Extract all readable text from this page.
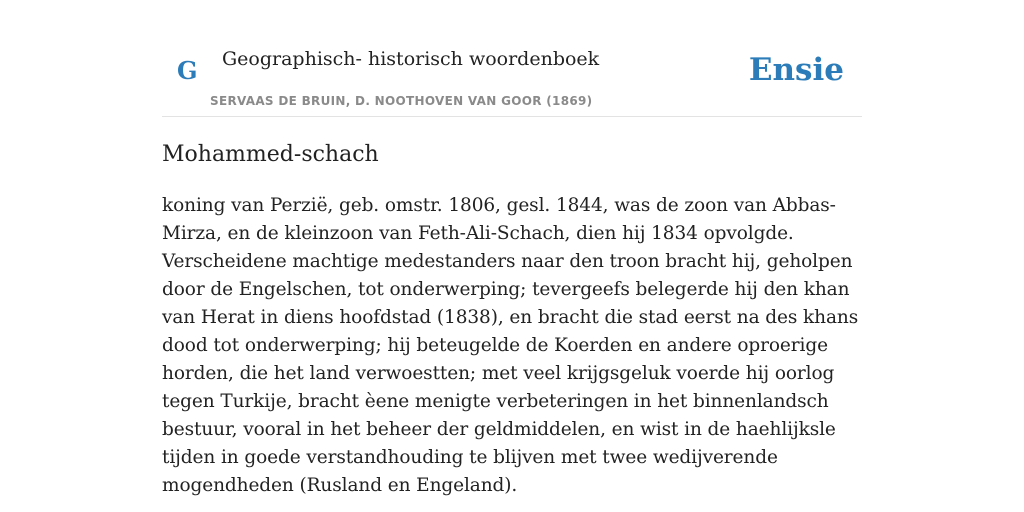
G Geographisch- historisch woordenboek
SERVAAS DE BRUIN, D. NOOTHOVEN VAN GOOR (1869)
Ensie
Mohammed-schach

koning van Perzië, geb. omstr. 1806, gesl. 1844, was de zoon van Abbas-Mirza, en de kleinzoon van Feth-Ali-Schach, dien hij 1834 opvolgde. Verscheidene machtige medestanders naar den troon bracht hij, geholpen door de Engelschen, tot onderwerping; tevergeefs belegerde hij den khan van Herat in diens hoofdstad (1838), en bracht die stad eerst na des khans dood tot onderwerping; hij beteugelde de Koerden en andere oproerige horden, die het land verwoestten; met veel krijgsgeluk voerde hij oorlog tegen Turkije, bracht èene menigte verbeteringen in het binnenlandsch bestuur, vooral in het beheer der geldmiddelen, en wist in de haehlijksle tijden in goede verstandhouding te blijven met twee wedijverende mogendheden (Rusland en Engeland).
